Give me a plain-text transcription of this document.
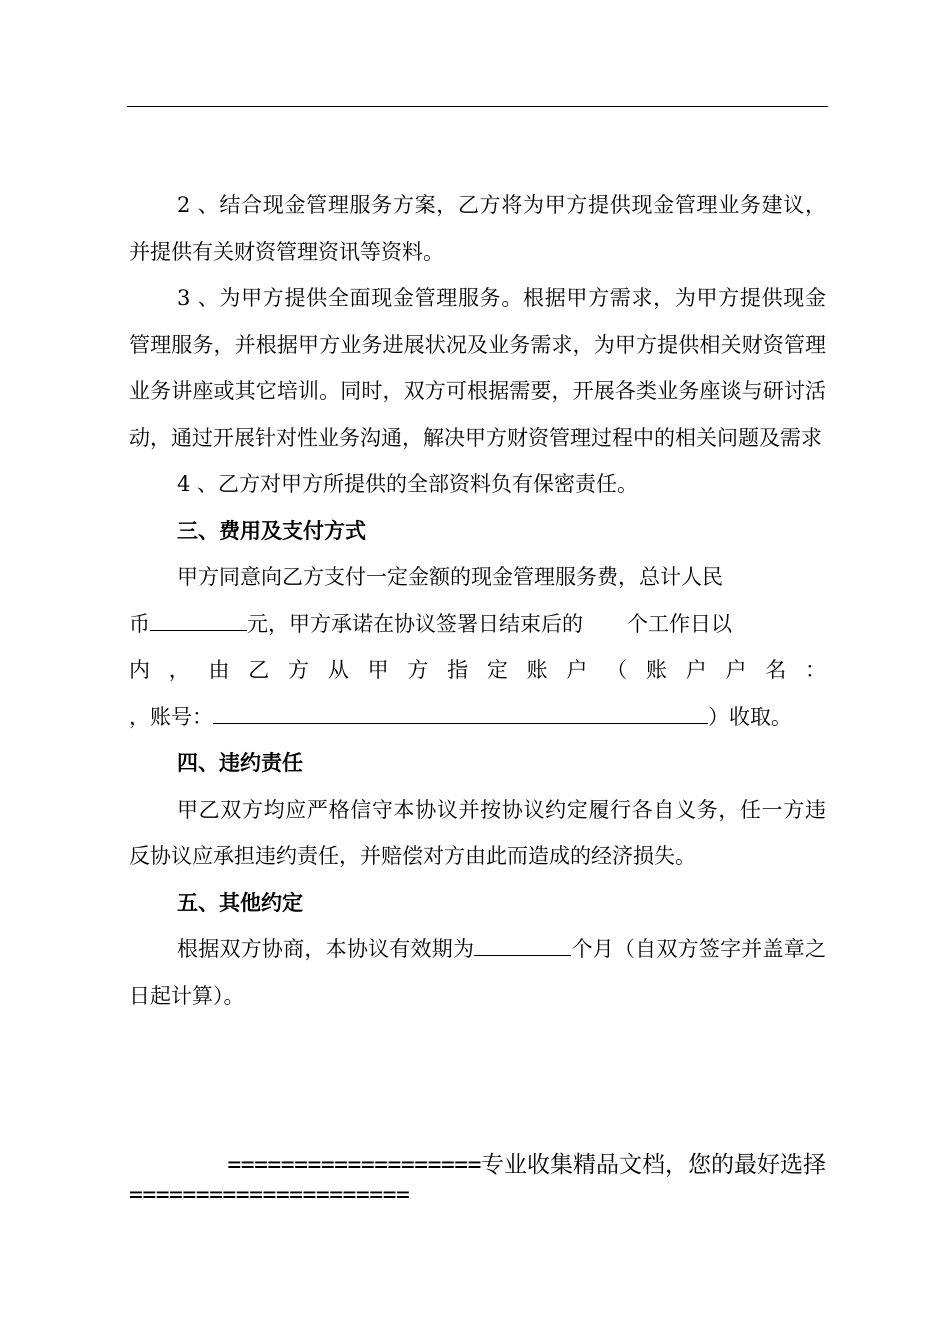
2 、结合现金管理服务方案，乙方将为甲方提供现金管理业务建议，并提供有关财资管理资讯等资料。

3 、为甲方提供全面现金管理服务。根据甲方需求，为甲方提供现金管理服务，并根据甲方业务进展状况及业务需求，为甲方提供相关财资管理业务讲座或其它培训。同时，双方可根据需要，开展各类业务座谈与研讨活动，通过开展针对性业务沟通，解决甲方财资管理过程中的相关问题及需求

4 、乙方对甲方所提供的全部资料负有保密责任。

三、费用及支付方式

甲方同意向乙方支付一定金额的现金管理服务费，总计人民

币	元，甲方承诺在协议签署日结束后的 个工作日以

内，由乙方从甲方指定账户（账户户名：

，账号：	）收取。

四、违约责任

甲乙双方均应严格信守本协议并按协议约定履行各自义务，任一方违反协议应承担违约责任，并赔偿对方由此而造成的经济损失。

五、其他约定

根据双方协商，本协议有效期为	个月（自双方签字并盖章之日起计算）。

===================专业收集精品文档，您的最好选择
=====================
